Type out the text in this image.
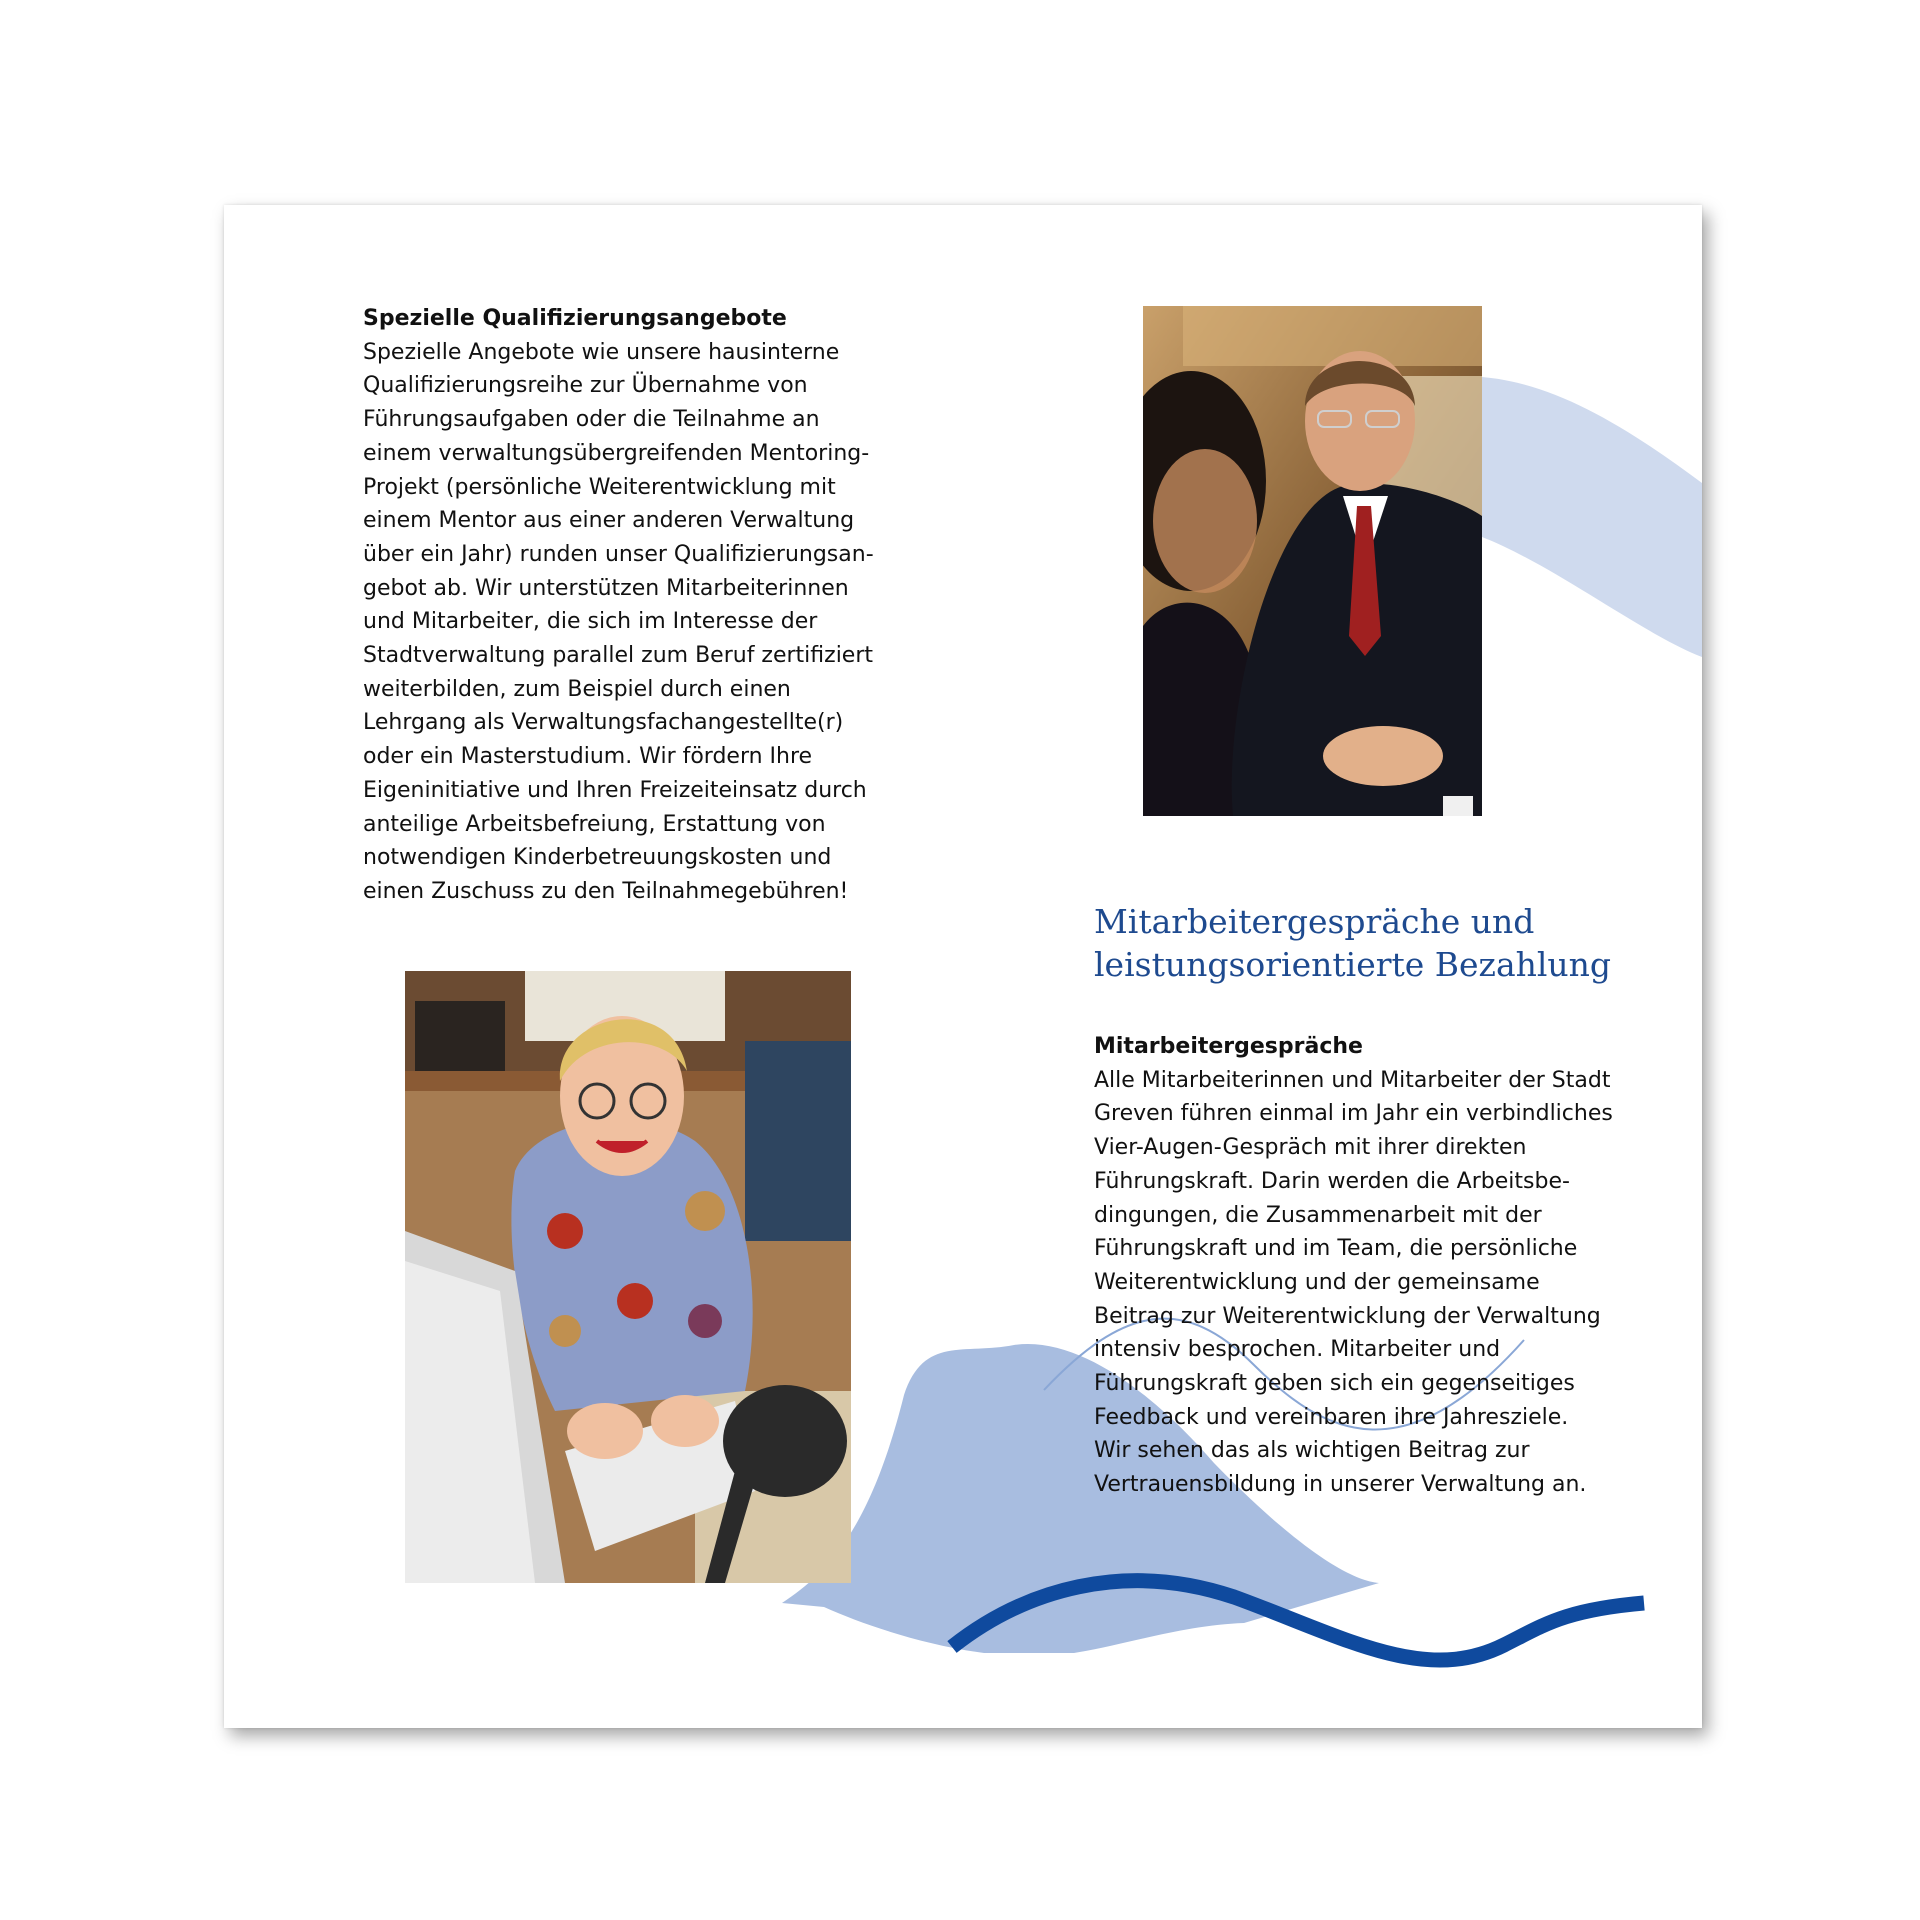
Spezielle Qualifizierungsangebote

Spezielle Angebote wie unsere hausinterne

Qualifizierungsreihe zur Übernahme von

Führungsaufgaben oder die Teilnahme an

einem verwaltungsübergreifenden Mentoring-

Projekt (persönliche Weiterentwicklung mit

einem Mentor aus einer anderen Verwaltung

über ein Jahr) runden unser Qualifizierungsan-

gebot ab. Wir unterstützen Mitarbeiterinnen

und Mitarbeiter, die sich im Interesse der

Stadtverwaltung parallel zum Beruf zertifiziert

weiterbilden, zum Beispiel durch einen

Lehrgang als Verwaltungsfachangestellte(r)

oder ein Masterstudium. Wir fördern Ihre

Eigeninitiative und Ihren Freizeiteinsatz durch

anteilige Arbeitsbefreiung, Erstattung von

notwendigen Kinderbetreuungskosten und

einen Zuschuss zu den Teilnahmegebühren!

Mitarbeitergespräche und
leistungsorientierte Bezahlung

Mitarbeitergespräche

Alle Mitarbeiterinnen und Mitarbeiter der Stadt

Greven führen einmal im Jahr ein verbindliches

Vier-Augen-Gespräch mit ihrer direkten

Führungskraft. Darin werden die Arbeitsbe-

dingungen, die Zusammenarbeit mit der

Führungskraft und im Team, die persönliche

Weiterentwicklung und der gemeinsame

Beitrag zur Weiterentwicklung der Verwaltung

intensiv besprochen. Mitarbeiter und

Führungskraft geben sich ein gegenseitiges

Feedback und vereinbaren ihre Jahresziele.

Wir sehen das als wichtigen Beitrag zur

Vertrauensbildung in unserer Verwaltung an.
